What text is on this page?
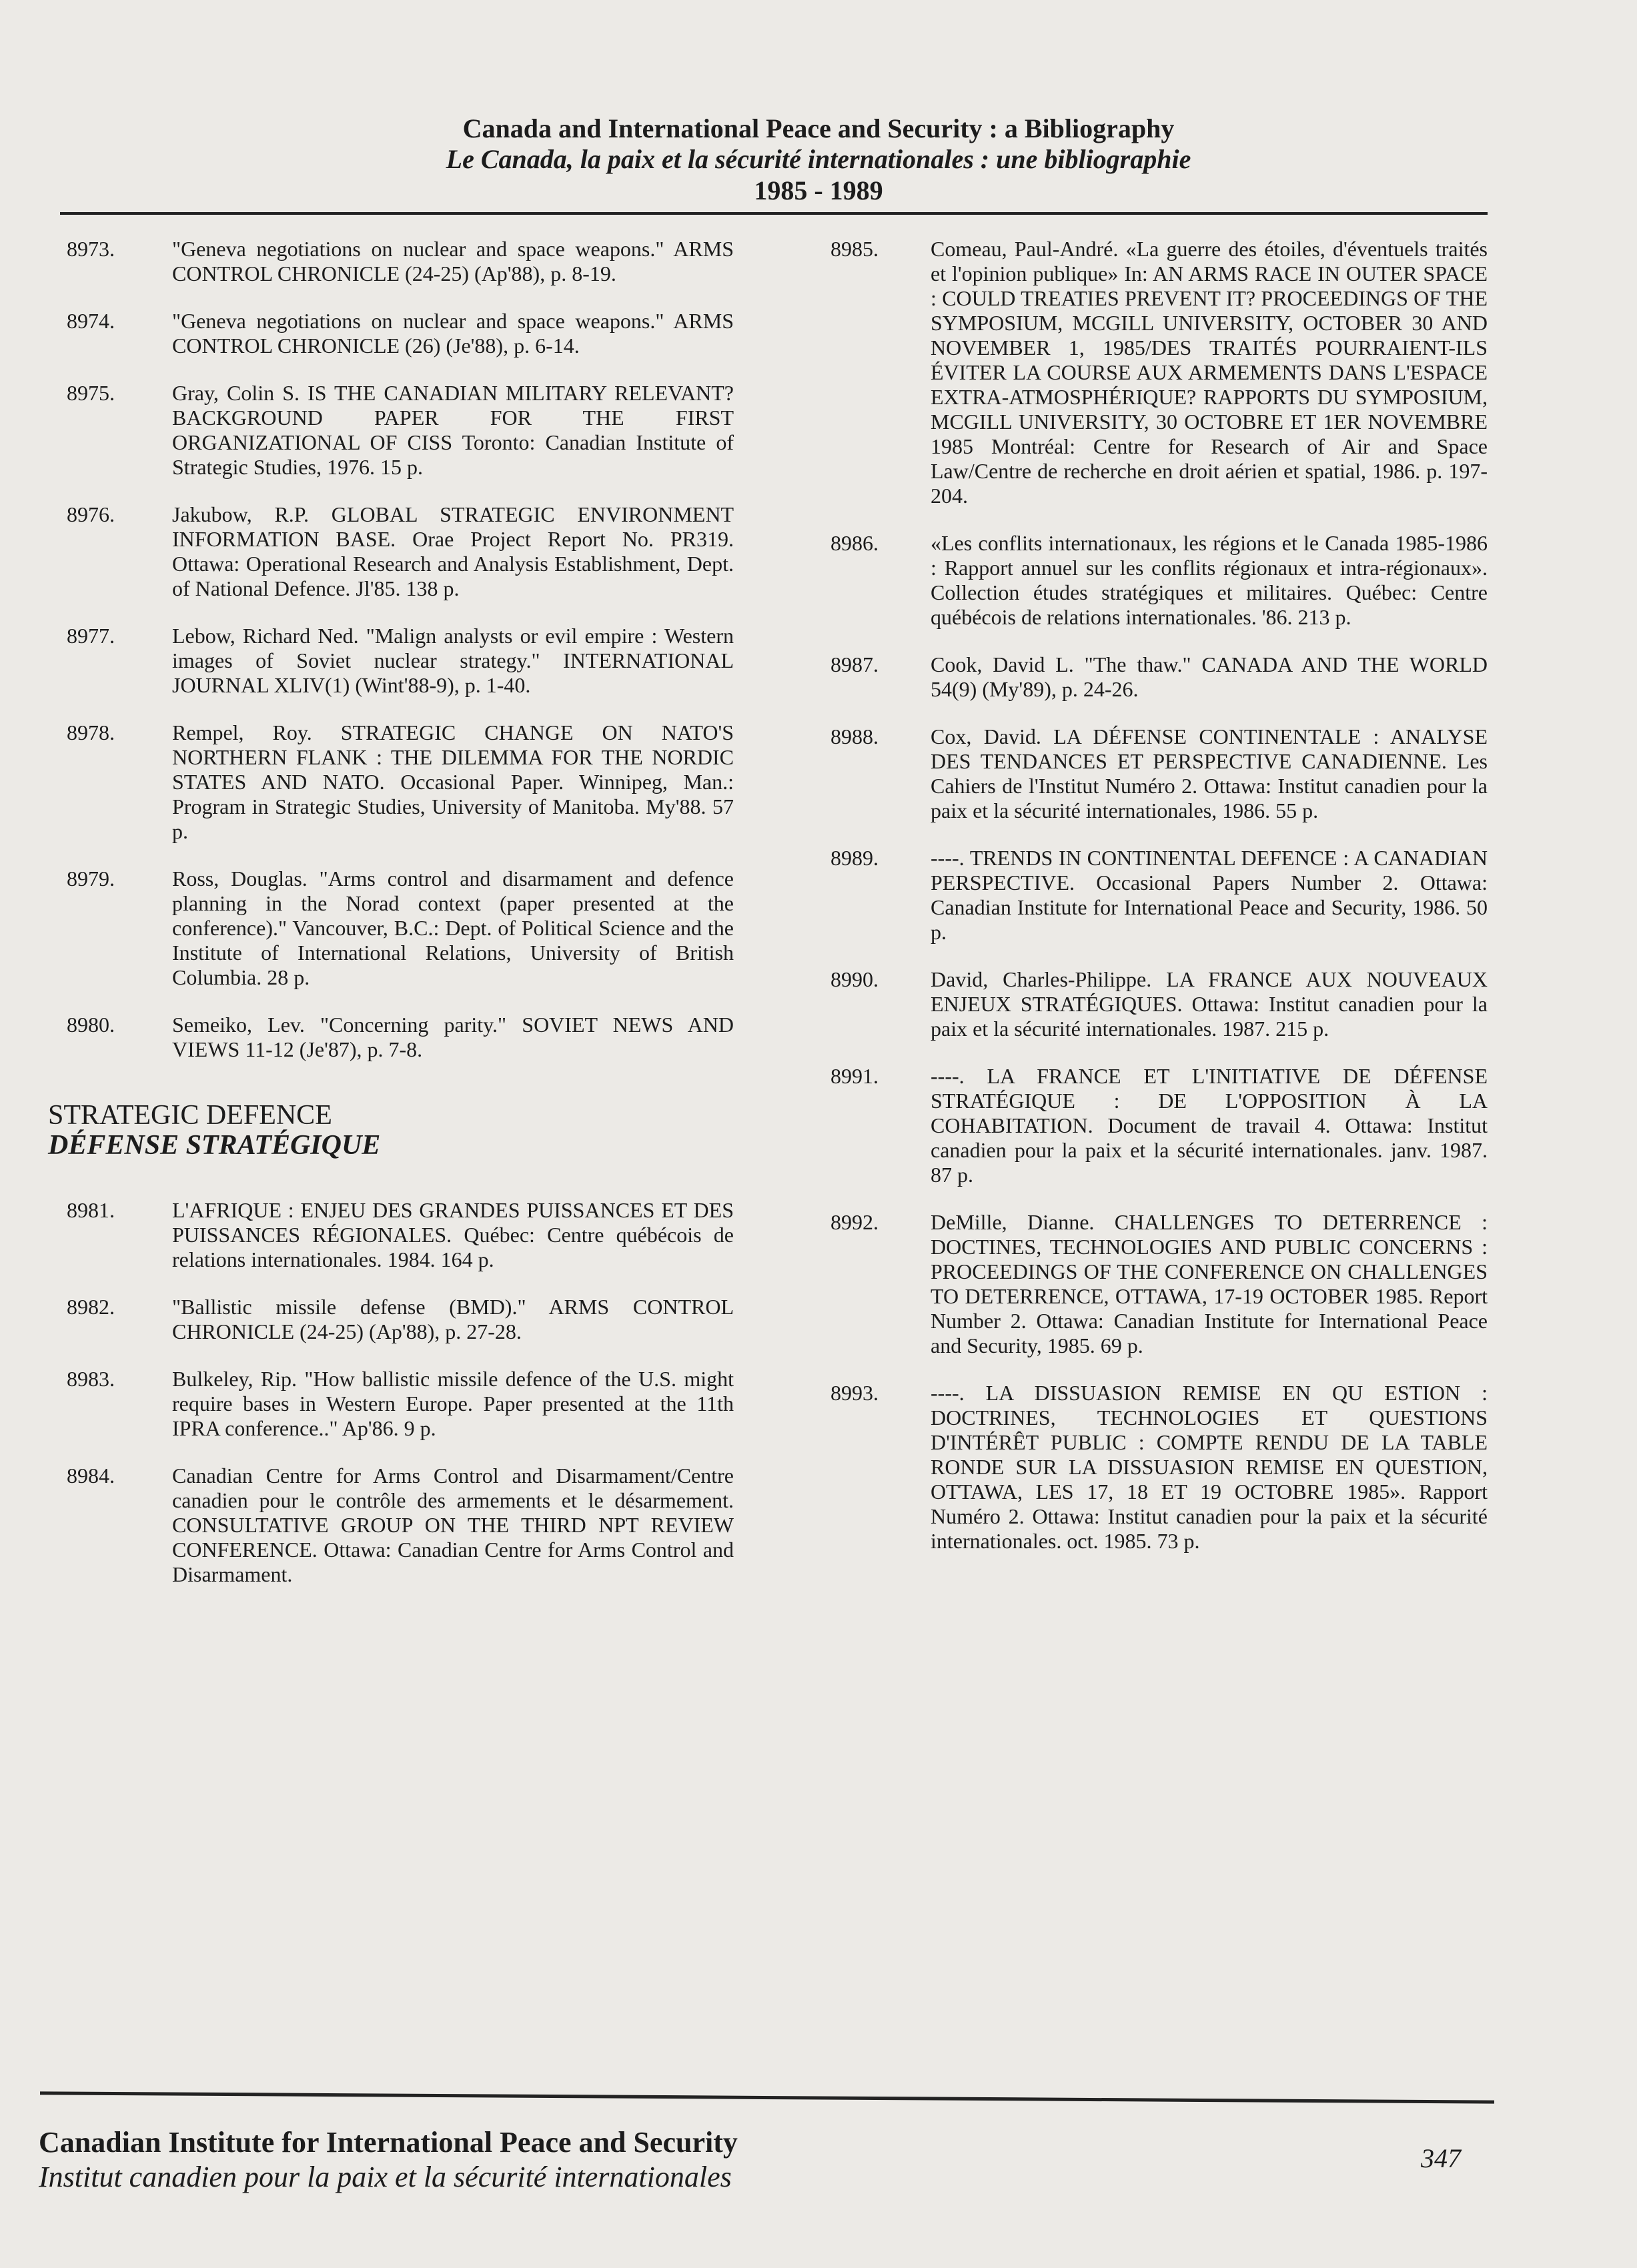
Canada and International Peace and Security : a Bibliography
Le Canada, la paix et la sécurité internationales : une bibliographie
1985 - 1989
8973.	"Geneva negotiations on nuclear and space weapons." ARMS CONTROL CHRONICLE (24-25) (Ap'88), p. 8-19.
8974.	"Geneva negotiations on nuclear and space weapons." ARMS CONTROL CHRONICLE (26) (Je'88), p. 6-14.
8975.	Gray, Colin S. IS THE CANADIAN MILITARY RELEVANT? BACKGROUND PAPER FOR THE FIRST ORGANIZATIONAL OF CISS Toronto: Canadian Institute of Strategic Studies, 1976. 15 p.
8976.	Jakubow, R.P. GLOBAL STRATEGIC ENVIRONMENT INFORMATION BASE. Orae Project Report No. PR319. Ottawa: Operational Research and Analysis Establishment, Dept. of National Defence. Jl'85. 138 p.
8977.	Lebow, Richard Ned. "Malign analysts or evil empire : Western images of Soviet nuclear strategy." INTERNATIONAL JOURNAL XLIV(1) (Wint'88-9), p. 1-40.
8978.	Rempel, Roy. STRATEGIC CHANGE ON NATO'S NORTHERN FLANK : THE DILEMMA FOR THE NORDIC STATES AND NATO. Occasional Paper. Winnipeg, Man.: Program in Strategic Studies, University of Manitoba. My'88. 57 p.
8979.	Ross, Douglas. "Arms control and disarmament and defence planning in the Norad context (paper presented at the conference)." Vancouver, B.C.: Dept. of Political Science and the Institute of International Relations, University of British Columbia. 28 p.
8980.	Semeiko, Lev. "Concerning parity." SOVIET NEWS AND VIEWS 11-12 (Je'87), p. 7-8.
STRATEGIC DEFENCE
DÉFENSE STRATÉGIQUE
8981.	L'AFRIQUE : ENJEU DES GRANDES PUISSANCES ET DES PUISSANCES RÉGIONALES. Québec: Centre québécois de relations internationales. 1984. 164 p.
8982.	"Ballistic missile defense (BMD)." ARMS CONTROL CHRONICLE (24-25) (Ap'88), p. 27-28.
8983.	Bulkeley, Rip. "How ballistic missile defence of the U.S. might require bases in Western Europe. Paper presented at the 11th IPRA conference.." Ap'86. 9 p.
8984.	Canadian Centre for Arms Control and Disarmament/Centre canadien pour le contrôle des armements et le désarmement. CONSULTATIVE GROUP ON THE THIRD NPT REVIEW CONFERENCE. Ottawa: Canadian Centre for Arms Control and Disarmament.
8985.	Comeau, Paul-André. «La guerre des étoiles, d'éventuels traités et l'opinion publique» In: AN ARMS RACE IN OUTER SPACE : COULD TREATIES PREVENT IT? PROCEEDINGS OF THE SYMPOSIUM, MCGILL UNIVERSITY, OCTOBER 30 AND NOVEMBER 1, 1985/DES TRAITÉS POURRAIENT-ILS ÉVITER LA COURSE AUX ARMEMENTS DANS L'ESPACE EXTRA-ATMOSPHÉRIQUE? RAPPORTS DU SYMPOSIUM, MCGILL UNIVERSITY, 30 OCTOBRE ET 1ER NOVEMBRE 1985 Montréal: Centre for Research of Air and Space Law/Centre de recherche en droit aérien et spatial, 1986. p. 197-204.
8986.	«Les conflits internationaux, les régions et le Canada 1985-1986 : Rapport annuel sur les conflits régionaux et intra-régionaux». Collection études stratégiques et militaires. Québec: Centre québécois de relations internationales. '86. 213 p.
8987.	Cook, David L. "The thaw." CANADA AND THE WORLD 54(9) (My'89), p. 24-26.
8988.	Cox, David. LA DÉFENSE CONTINENTALE : ANALYSE DES TENDANCES ET PERSPECTIVE CANADIENNE. Les Cahiers de l'Institut Numéro 2. Ottawa: Institut canadien pour la paix et la sécurité internationales, 1986. 55 p.
8989.	----. TRENDS IN CONTINENTAL DEFENCE : A CANADIAN PERSPECTIVE. Occasional Papers Number 2. Ottawa: Canadian Institute for International Peace and Security, 1986. 50 p.
8990.	David, Charles-Philippe. LA FRANCE AUX NOUVEAUX ENJEUX STRATÉGIQUES. Ottawa: Institut canadien pour la paix et la sécurité internationales. 1987. 215 p.
8991.	----. LA FRANCE ET L'INITIATIVE DE DÉFENSE STRATÉGIQUE : DE L'OPPOSITION À LA COHABITATION. Document de travail 4. Ottawa: Institut canadien pour la paix et la sécurité internationales. janv. 1987. 87 p.
8992.	DeMille, Dianne. CHALLENGES TO DETERRENCE : DOCTINES, TECHNOLOGIES AND PUBLIC CONCERNS : PROCEEDINGS OF THE CONFERENCE ON CHALLENGES TO DETERRENCE, OTTAWA, 17-19 OCTOBER 1985. Report Number 2. Ottawa: Canadian Institute for International Peace and Security, 1985. 69 p.
8993.	----. LA DISSUASION REMISE EN QU ESTION : DOCTRINES, TECHNOLOGIES ET QUESTIONS D'INTÉRÊT PUBLIC : COMPTE RENDU DE LA TABLE RONDE SUR LA DISSUASION REMISE EN QUESTION, OTTAWA, LES 17, 18 ET 19 OCTOBRE 1985». Rapport Numéro 2. Ottawa: Institut canadien pour la paix et la sécurité internationales. oct. 1985. 73 p.
Canadian Institute for International Peace and Security
Institut canadien pour la paix et la sécurité internationales
347
